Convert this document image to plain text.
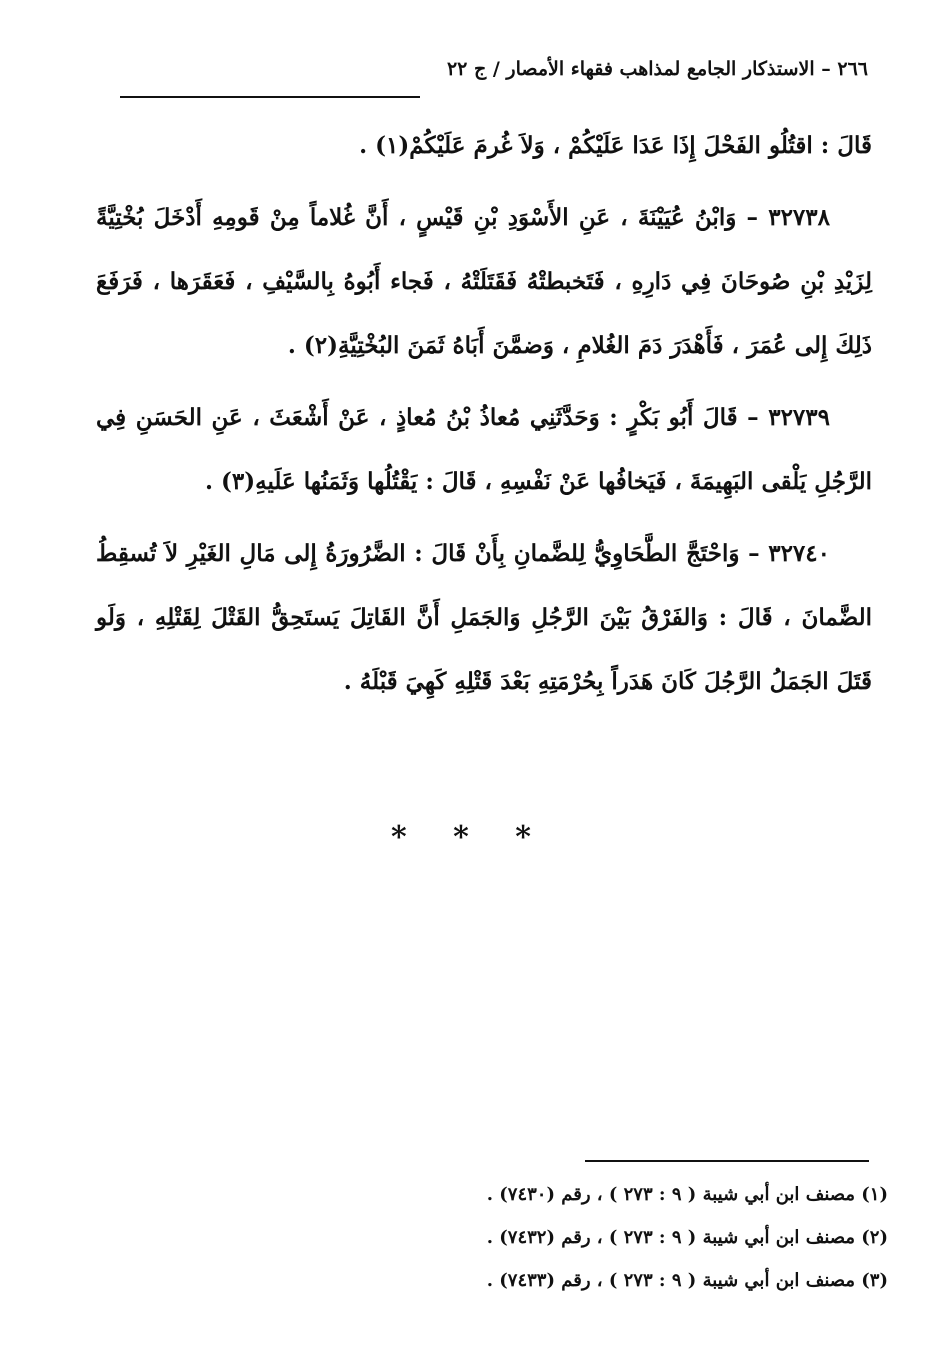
٢٦٦ – الاستذكار الجامع لمذاهب فقهاء الأمصار / ج ٢٢

قَالَ : اقتُلُو الفَحْلَ إِذَا عَدَا عَلَيْكُمْ ، وَلاَ غُرمَ عَلَيْكُمْ(١) .

٣٢٧٣٨ – وَابْنُ عُيَيْنَةَ ، عَنِ الأَسْوَدِ بْنِ قَيْسٍ ، أَنَّ غُلاماً مِنْ قَومِهِ أَدْخَلَ بُخْتِيَّةً لِزَيْدِ بْنِ صُوحَانَ فِي دَارِهِ ، فَتَخبطتْهُ فَقَتَلَتْهُ ، فَجاء أَبُوهُ بِالسَّيْفِ ، فَعَقَرَها ، فَرَفَعَ ذَلِكَ إِلى عُمَرَ ، فَأَهْدَرَ دَمَ الغُلامِ ، وَضمَّنَ أَبَاهُ ثَمَنَ البُخْتِيَّةِ(٢) .

٣٢٧٣٩ – قَالَ أَبُو بَكْرٍ : وَحَدَّثَنِي مُعاذُ بْنُ مُعاذٍ ، عَنْ أَشْعَثَ ، عَنِ الحَسَنِ فِي الرَّجُلِ يَلْقى البَهِيمَةَ ، فَيَخافُها عَنْ نَفْسِهِ ، قَالَ : يَقْتُلُها وَثَمَنُها عَلَيهِ(٣) .

٣٢٧٤٠ – وَاحْتَجَّ الطَّحَاوِيُّ لِلضَّمانِ بِأَنْ قَالَ : الضَّرُورَةُ إِلى مَالِ الغَيْرِ لاَ تُسقِطُ الضَّمانَ ، قَالَ : وَالفَرْقُ بَيْنَ الرَّجُلِ وَالجَمَلِ أَنَّ القَاتِلَ يَستَحِقُّ القَتْلَ لِقَتْلِهِ ، وَلَو قَتَلَ الجَمَلُ الرَّجُلَ كَانَ هَدَراً بِحُرْمَتِهِ بَعْدَ قَتْلِهِ كَهِيَ قَبْلَهُ .

* * *
(١) مصنف ابن أبي شيبة ( ٩ : ٢٧٣ ) ، رقم (٧٤٣٠) .
(٢) مصنف ابن أبي شيبة ( ٩ : ٢٧٣ ) ، رقم (٧٤٣٢) .
(٣) مصنف ابن أبي شيبة ( ٩ : ٢٧٣ ) ، رقم (٧٤٣٣) .
